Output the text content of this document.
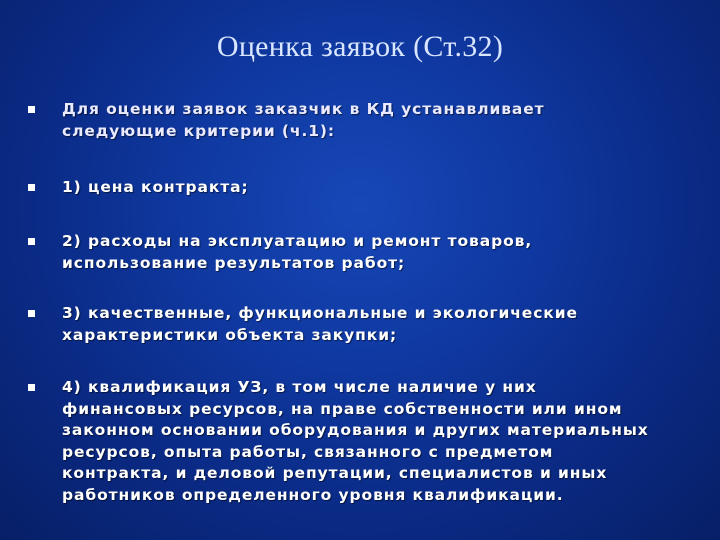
Оценка заявок (Ст.32)
Для оценки заявок заказчик в КД устанавливает
следующие критерии (ч.1):
1) цена контракта;
2) расходы на эксплуатацию и ремонт товаров,
использование результатов работ;
3) качественные, функциональные и экологические
характеристики объекта закупки;
4) квалификация УЗ, в том числе наличие у них
финансовых ресурсов, на праве собственности или ином
законном основании оборудования и других материальных
ресурсов, опыта работы, связанного с предметом
контракта, и деловой репутации, специалистов и иных
работников определенного уровня квалификации.
